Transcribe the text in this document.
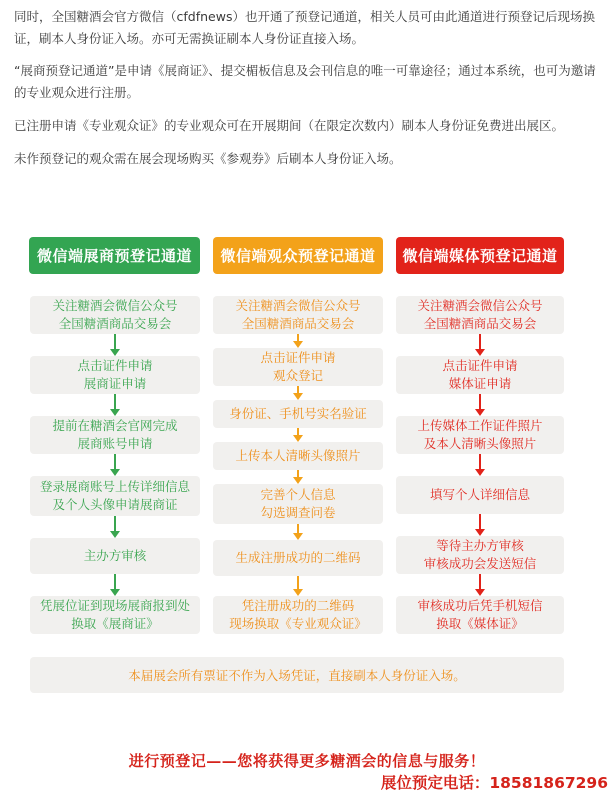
同时，全国糖酒会官方微信（cfdfnews）也开通了预登记通道，相关人员可由此通道进行预登记后现场换证，刷本人身份证入场。亦可无需换证刷本人身份证直接入场。

“展商预登记通道”是申请《展商证》、提交楣板信息及会刊信息的唯一可靠途径；通过本系统，也可为邀请的专业观众进行注册。

已注册申请《专业观众证》的专业观众可在开展期间（在限定次数内）刷本人身份证免费进出展区。

未作预登记的观众需在展会现场购买《参观券》后刷本人身份证入场。

微信端展商预登记通道	微信端观众预登记通道	微信端媒体预登记通道
关注糖酒会微信公众号
全国糖酒商品交易会
点击证件申请
展商证申请
提前在糖酒会官网完成
展商账号申请
登录展商账号上传详细信息
及个人头像申请展商证
主办方审核
凭展位证到现场展商报到处
换取《展商证》
关注糖酒会微信公众号
全国糖酒商品交易会
点击证件申请
观众登记
身份证、手机号实名验证
上传本人清晰头像照片
完善个人信息
勾选调查问卷
生成注册成功的二维码
凭注册成功的二维码
现场换取《专业观众证》
关注糖酒会微信公众号
全国糖酒商品交易会
点击证件申请
媒体证申请
上传媒体工作证件照片
及本人清晰头像照片
填写个人详细信息
等待主办方审核
审核成功会发送短信
审核成功后凭手机短信
换取《媒体证》
本届展会所有票证不作为入场凭证，直接刷本人身份证入场。
进行预登记——您将获得更多糖酒会的信息与服务！
展位预定电话：18581867296
